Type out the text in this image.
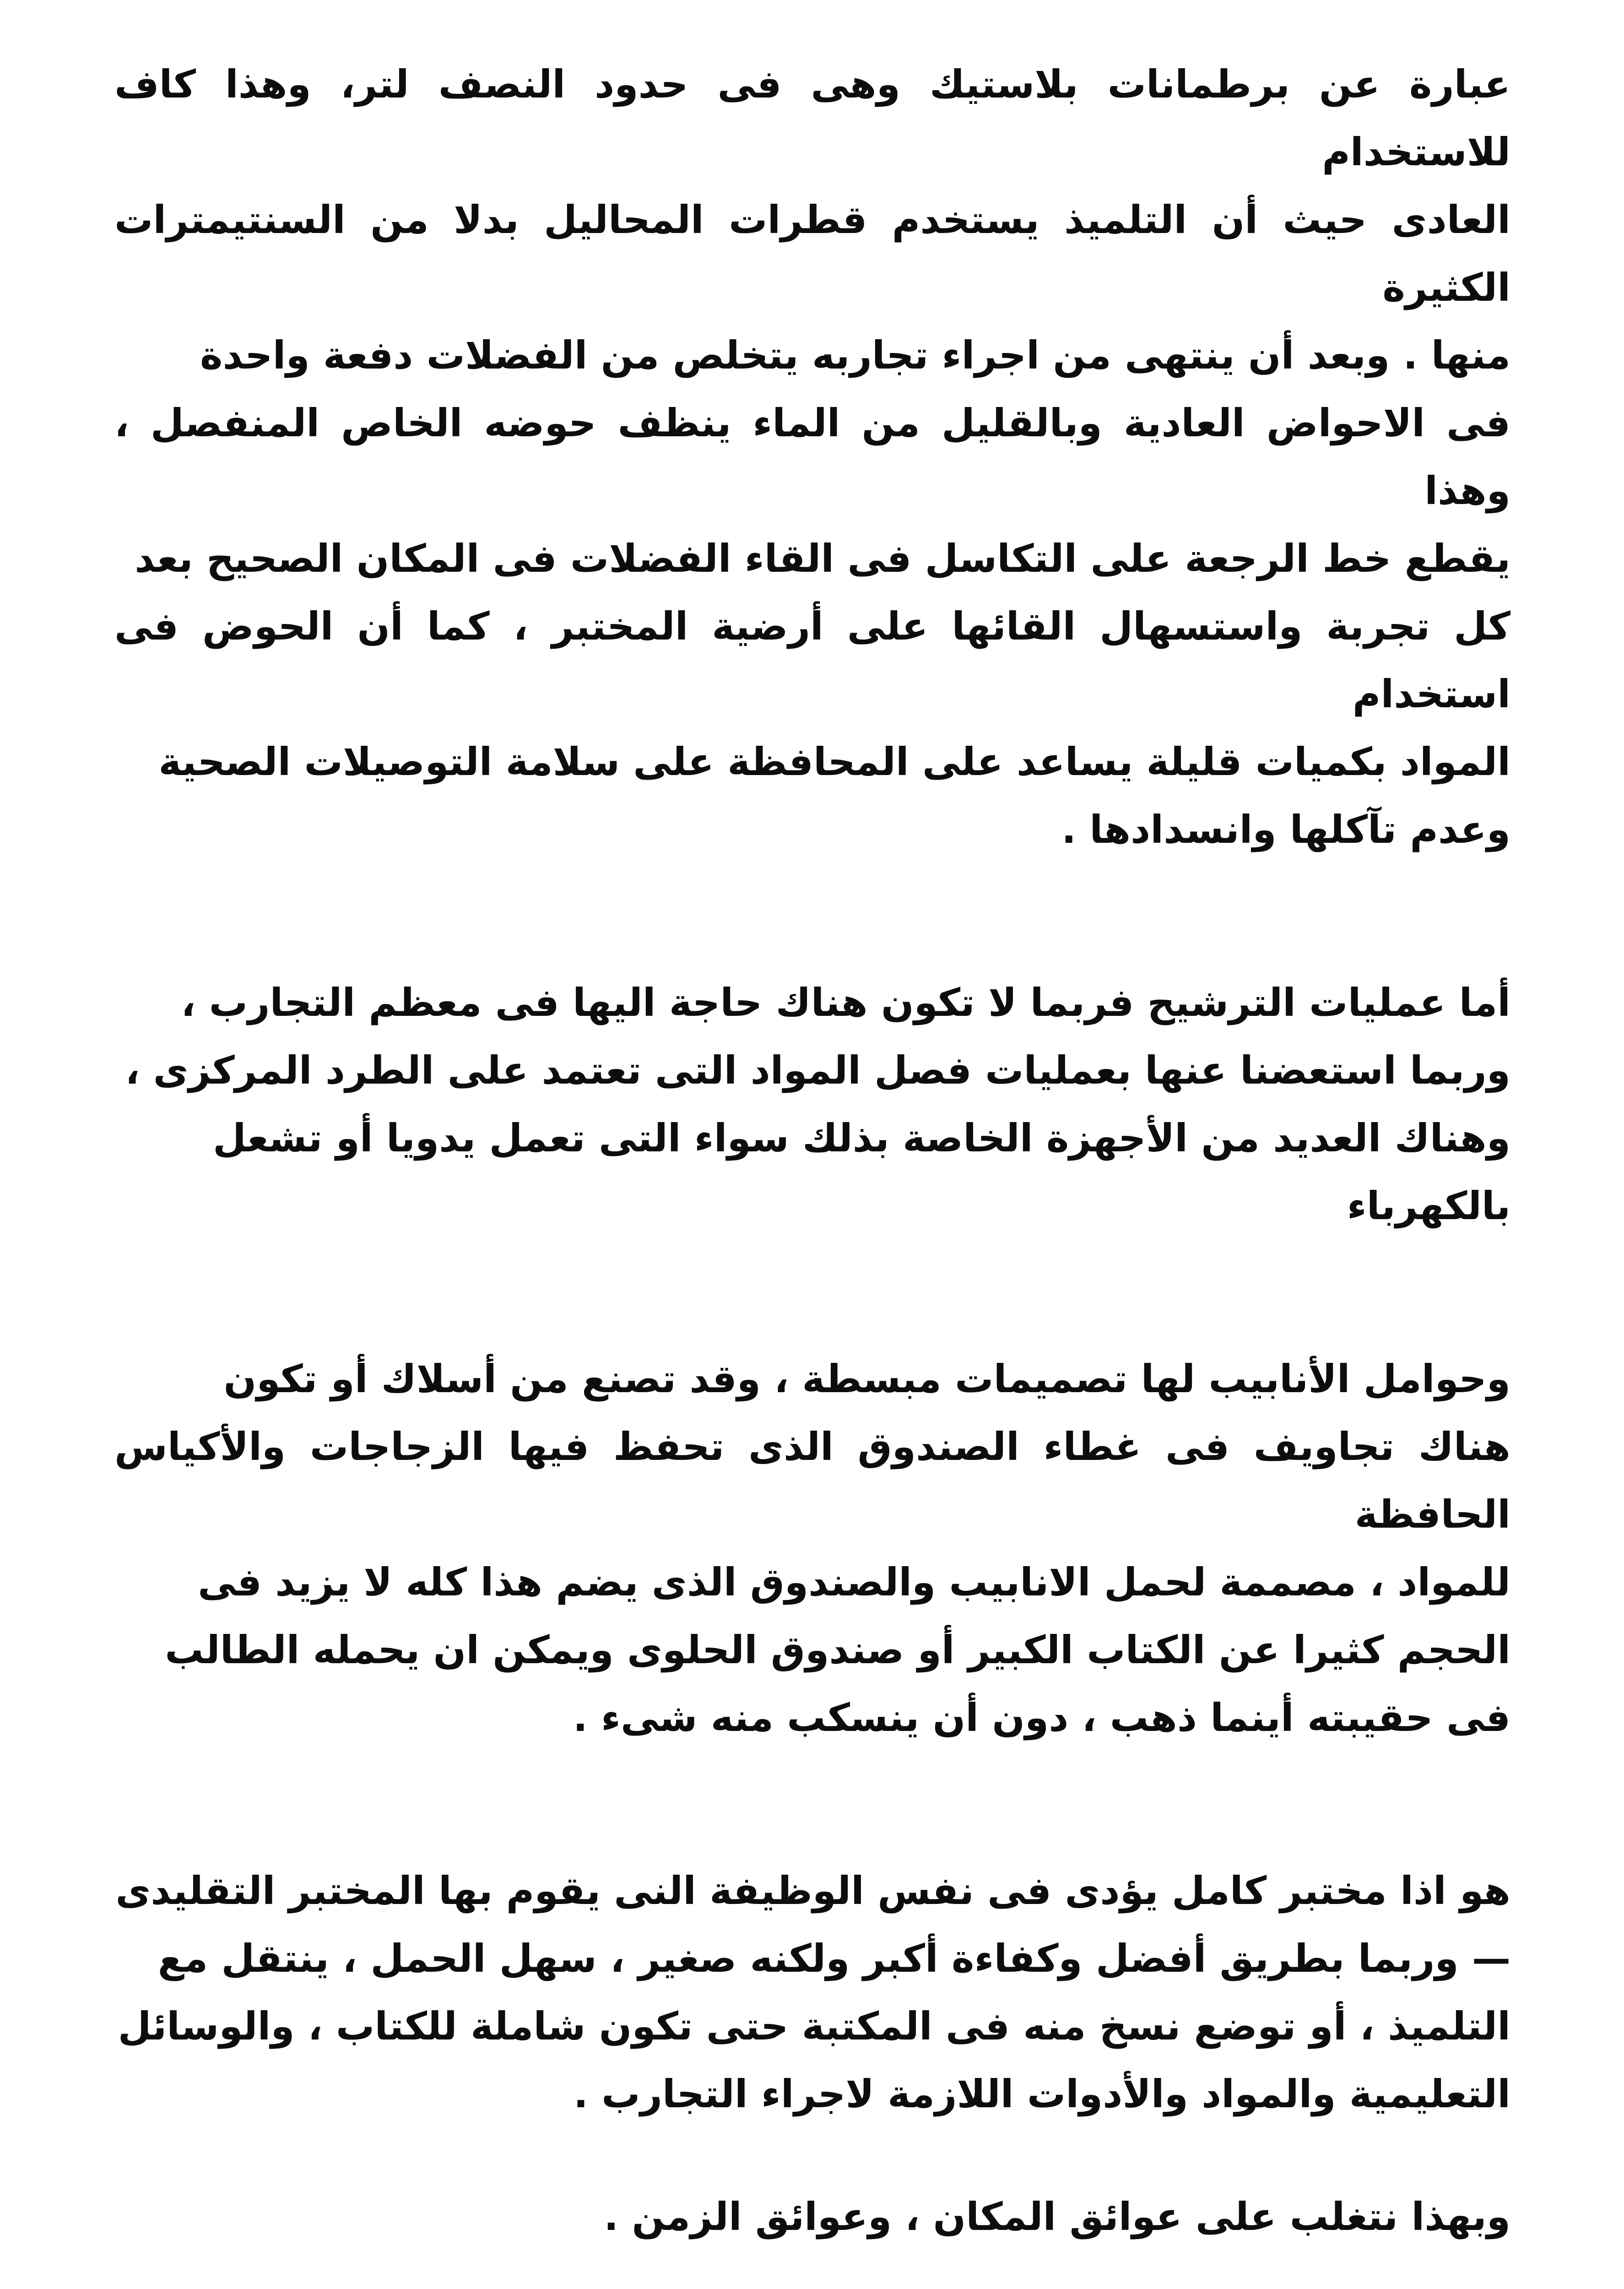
عبارة عن برطمانات بلاستيك وهى فى حدود النصف لتر، وهذا كاف للاستخدام
العادى حيث أن التلميذ يستخدم قطرات المحاليل بدلا من السنتيمترات الكثيرة
منها . وبعد أن ينتهى من اجراء تجاربه يتخلص من الفضلات دفعة واحدة
فى الاحواض العادية وبالقليل من الماء ينظف حوضه الخاص المنفصل ، وهذا
يقطع خط الرجعة على التكاسل فى القاء الفضلات فى المكان الصحيح بعد
كل تجربة واستسهال القائها على أرضية المختبر ، كما أن الحوض فى استخدام
المواد بكميات قليلة يساعد على المحافظة على سلامة التوصيلات الصحية
وعدم تآكلها وانسدادها .

أما عمليات الترشيح فربما لا تكون هناك حاجة اليها فى معظم التجارب ،
وربما استعضنا عنها بعمليات فصل المواد التى تعتمد على الطرد المركزى ،
وهناك العديد من الأجهزة الخاصة بذلك سواء التى تعمل يدويا أو تشعل
بالكهرباء

وحوامل الأنابيب لها تصميمات مبسطة ، وقد تصنع من أسلاك أو تكون
هناك تجاويف فى غطاء الصندوق الذى تحفظ فيها الزجاجات والأكياس الحافظة
للمواد ، مصممة لحمل الانابيب والصندوق الذى يضم هذا كله لا يزيد فى
الحجم كثيرا عن الكتاب الكبير أو صندوق الحلوى ويمكن ان يحمله الطالب
فى حقيبته أينما ذهب ، دون أن ينسكب منه شىء .

هو اذا مختبر كامل يؤدى فى نفس الوظيفة النى يقوم بها المختبر التقليدى
— وربما بطريق أفضل وكفاءة أكبر ولكنه صغير ، سهل الحمل ، ينتقل مع
التلميذ ، أو توضع نسخ منه فى المكتبة حتى تكون شاملة للكتاب ، والوسائل
التعليمية والمواد والأدوات اللازمة لاجراء التجارب .

وبهذا نتغلب على عوائق المكان ، وعوائق الزمن .
